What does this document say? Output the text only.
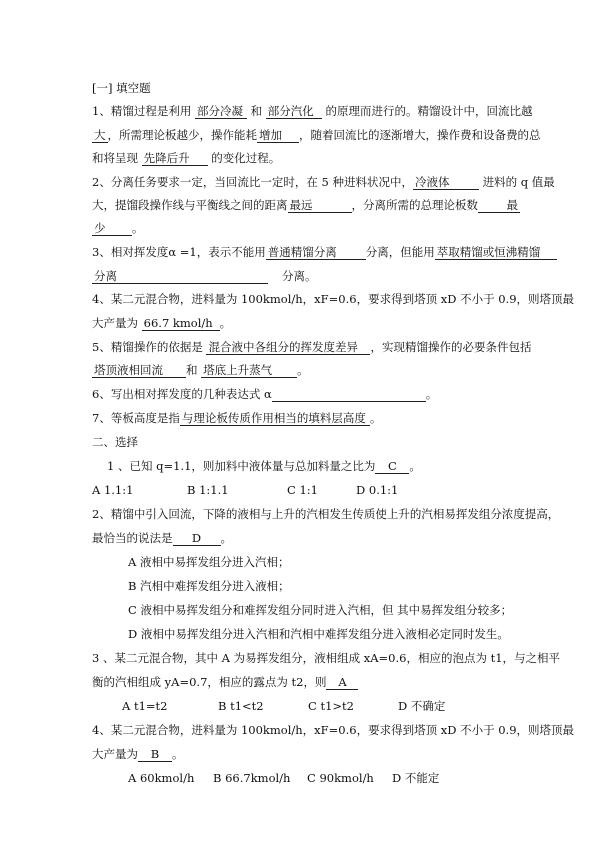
[一] 填空题
1、精馏过程是利用 部分冷凝 和 部分汽化 的原理而进行的。精馏设计中，回流比越
大 ，所需理论板越少，操作能耗 增加 ，随着回流比的逐渐增大，操作费和设备费的总
和将呈现 先降后升 的变化过程。
2、分离任务要求一定，当回流比一定时，在 5 种进料状况中， 冷液体	进料的 q 值最
大，提馏段操作线与平衡线之间的距离 最远	，分离所需的总理论板数 最
少 。
3、相对挥发度α =1，表示不能用 普通精馏分离	分离，但能用 萃取精馏或恒沸精馏
分离	分离。
4、某二元混合物，进料量为 100kmol/h，xF=0.6，要求得到塔顶 xD 不小于 0.9，则塔顶最
大产量为 66.7 kmol/h 。
5、精馏操作的依据是 混合液中各组分的挥发度差异 ，实现精馏操作的必要条件包括
塔顶液相回流 和 塔底上升蒸气 。
6、写出相对挥发度的几种表达式 α	。
7、等板高度是指 与理论板传质作用相当的填料层高度 。
二、选择
1 、已知 q=1.1，则加料中液体量与总加料量之比为 C 。
A 1.1:1	B 1:1.1	C 1:1	D 0.1:1
2、精馏中引入回流，下降的液相与上升的汽相发生传质使上升的汽相易挥发组分浓度提高，
最恰当的说法是 D 。
A 液相中易挥发组分进入汽相；
B 汽相中难挥发组分进入液相；
C 液相中易挥发组分和难挥发组分同时进入汽相，但 其中易挥发组分较多；
D 液相中易挥发组分进入汽相和汽相中难挥发组分进入液相必定同时发生。
3 、某二元混合物，其中 A 为易挥发组分，液相组成 xA=0.6，相应的泡点为 t1，与之相平
衡的汽相组成 yA=0.7，相应的露点为 t2，则 A
A t1=t2	B t1<t2	C t1>t2	D 不确定
4、某二元混合物，进料量为 100kmol/h，xF=0.6，要求得到塔顶 xD 不小于 0.9，则塔顶最
大产量为 B 。
A 60kmol/h B 66.7kmol/h C 90kmol/h D 不能定
